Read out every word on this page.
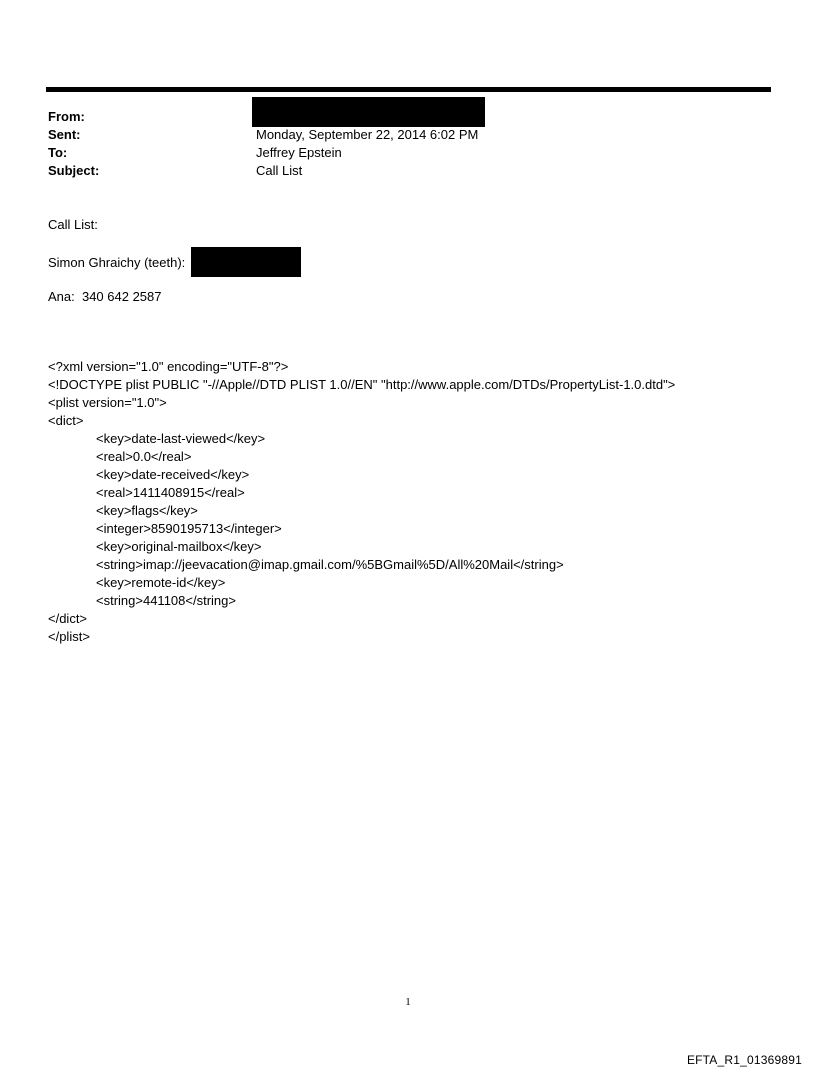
From:
Sent:	Monday, September 22, 2014 6:02 PM
To:	Jeffrey Epstein
Subject:	Call List
Call List:
Simon Ghraichy (teeth):
Ana:  340 642 2587
<?xml version="1.0" encoding="UTF-8"?>
<!DOCTYPE plist PUBLIC "-//Apple//DTD PLIST 1.0//EN" "http://www.apple.com/DTDs/PropertyList-1.0.dtd">
<plist version="1.0">
<dict>
<key>date-last-viewed</key>
<real>0.0</real>
<key>date-received</key>
<real>1411408915</real>
<key>flags</key>
<integer>8590195713</integer>
<key>original-mailbox</key>
<string>imap://jeevacation@imap.gmail.com/%5BGmail%5D/All%20Mail</string>
<key>remote-id</key>
<string>441108</string>
</dict>
</plist>
1
EFTA_R1_01369891
